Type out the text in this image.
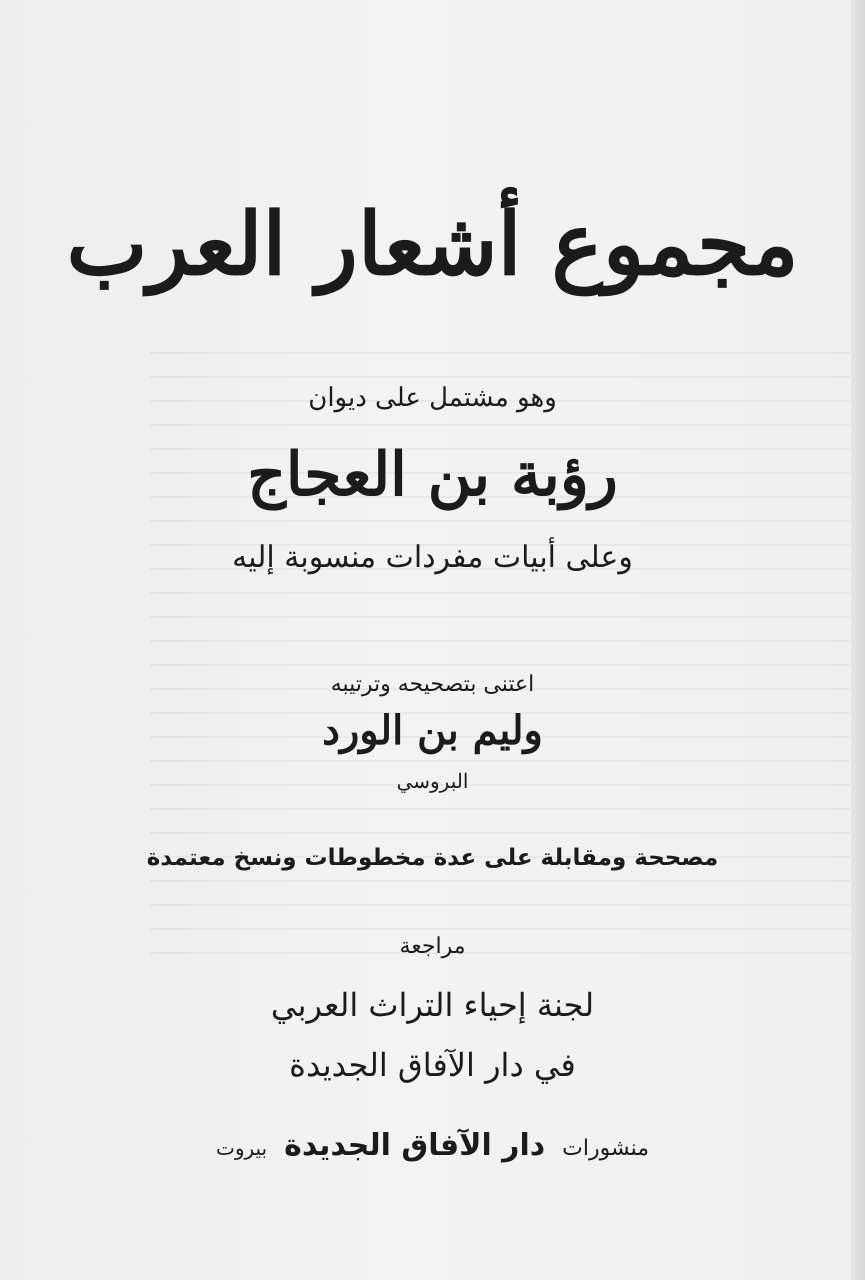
مجموع أشعار العرب
وهو مشتمل على ديوان
رؤبة بن العجاج
وعلى أبيات مفردات منسوبة إليه
اعتنى بتصحيحه وترتيبه
وليم بن الورد
البروسي
مصححة ومقابلة على عدة مخطوطات ونسخ معتمدة
مراجعة
لجنة إحياء التراث العربي
في دار الآفاق الجديدة
منشورات دار الآفاق الجديدة بيروت
